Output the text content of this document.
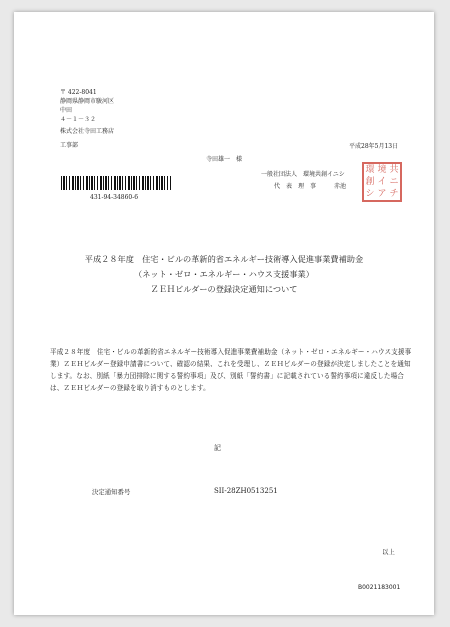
〒 422-8041
静岡県静岡市駿河区
中田
４－１－３２
株式会社寺田工務店
工事部
寺田雄一　様
平成28年5月13日
431-94-34860-6
一般社団法人　環境共創イニシ
代　表　理　事　　　赤池
環 境 共
創 イ ニ
シ ア チ
平成２８年度　住宅・ビルの革新的省エネルギー技術導入促進事業費補助金
（ネット・ゼロ・エネルギー・ハウス支援事業）
ＺＥＨビルダーの登録決定通知について
平成２８年度　住宅・ビルの革新的省エネルギー技術導入促進事業費補助金（ネット・ゼロ・エネルギー・ハウス支援事業）ＺＥＨビルダー登録申請書について、確認の結果、これを受理し、ＺＥＨビルダーの登録が決定しましたことを通知します。なお、別紙「暴力団排除に関する誓約事項」及び、別紙「誓約書」に記載されている誓約事項に違反した場合は、ＺＥＨビルダーの登録を取り消すものとします。
記
決定通知番号	SII-28ZH0513251
以上
B0021183001
